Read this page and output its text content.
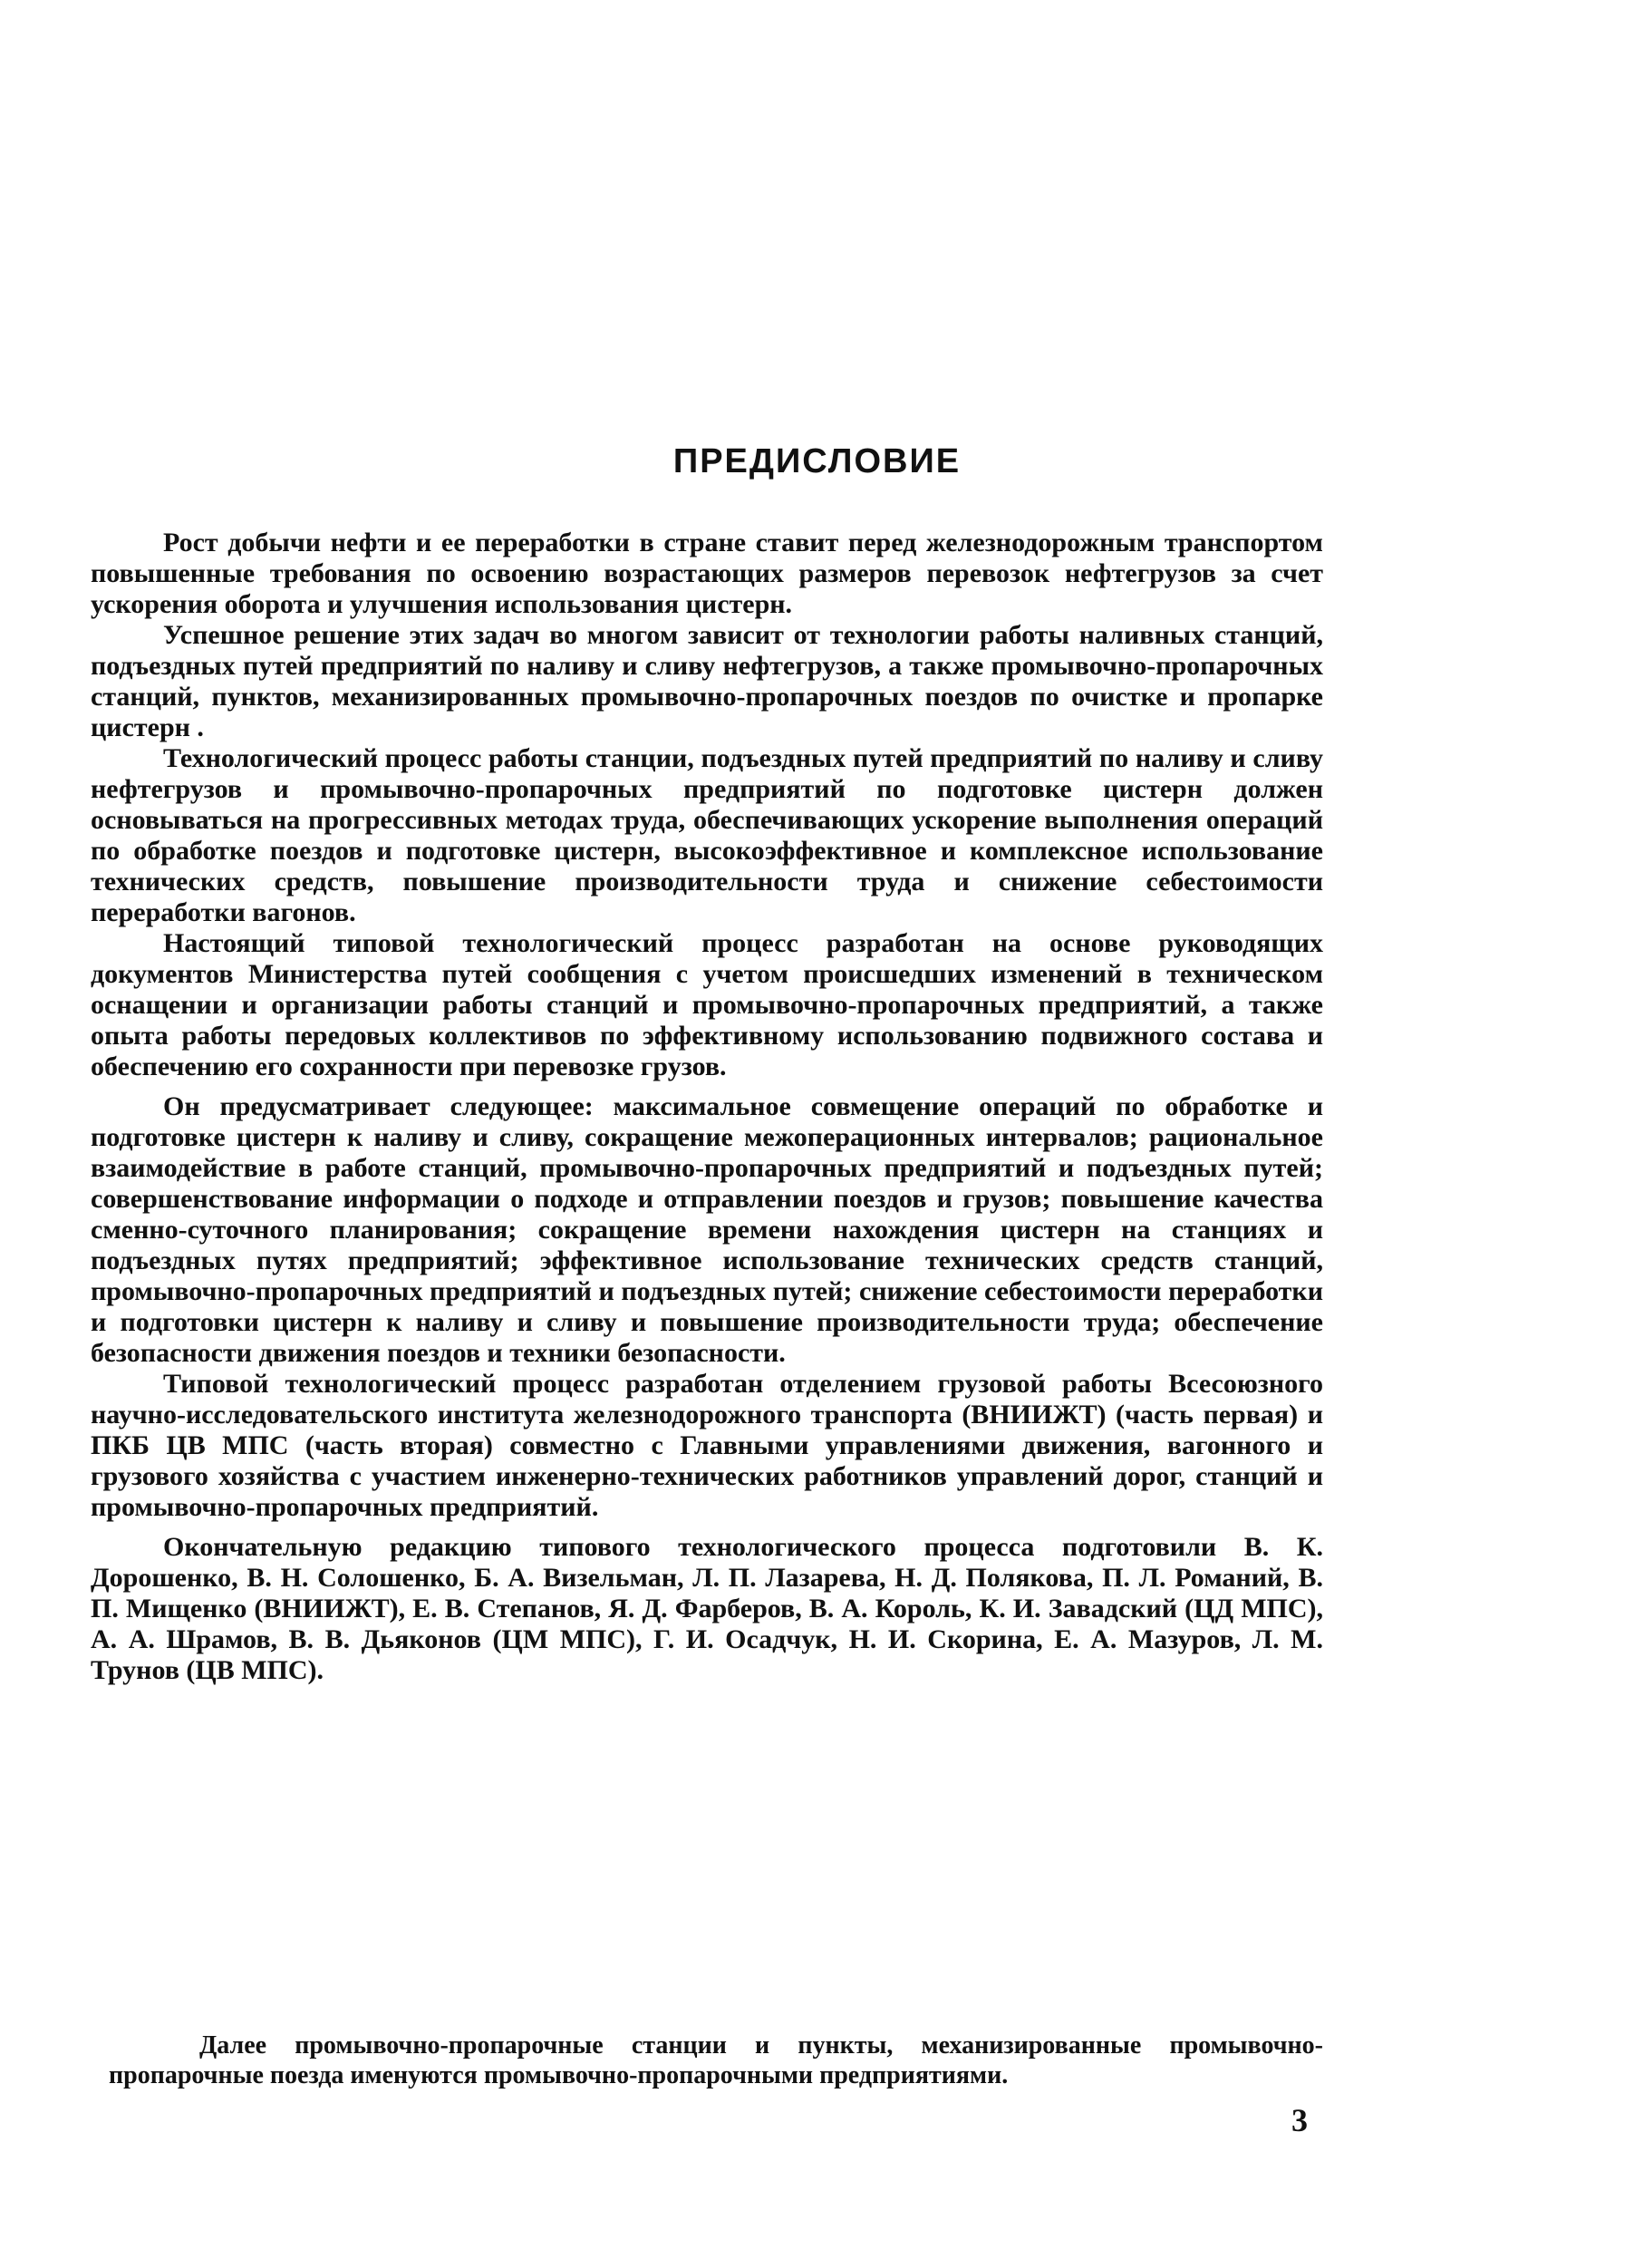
ПРЕДИСЛОВИЕ

Рост добычи нефти и ее переработки в стране ставит перед железнодорожным транспортом повышенные требования по освоению возрастающих размеров перевозок нефтегрузов за счет ускорения оборота и улучшения использования цистерн.

Успешное решение этих задач во многом зависит от технологии работы наливных станций, подъездных путей предприятий по наливу и сливу нефтегрузов, а также промывочно-пропарочных станций, пунктов, механизированных промывочно-пропарочных поездов по очистке и пропарке цистерн .

Технологический процесс работы станции, подъездных путей предприятий по наливу и сливу нефтегрузов и промывочно-пропарочных предприятий по подготовке цистерн должен основываться на прогрессивных методах труда, обеспечивающих ускорение выполнения операций по обработке поездов и подготовке цистерн, высокоэффективное и комплексное использование технических средств, повышение производительности труда и снижение себестоимости переработки вагонов.

Настоящий типовой технологический процесс разработан на основе руководящих документов Министерства путей сообщения с учетом происшедших изменений в техническом оснащении и организации работы станций и промывочно-пропарочных предприятий, а также опыта работы передовых коллективов по эффективному использованию подвижного состава и обеспечению его сохранности при перевозке грузов.

Он предусматривает следующее: максимальное совмещение операций по обработке и подготовке цистерн к наливу и сливу, сокращение межоперационных интервалов; рациональное взаимодействие в работе станций, промывочно-пропарочных предприятий и подъездных путей; совершенствование информации о подходе и отправлении поездов и грузов; повышение качества сменно-суточного планирования; сокращение времени нахождения цистерн на станциях и подъездных путях предприятий; эффективное использование технических средств станций, промывочно-пропарочных предприятий и подъездных путей; снижение себестоимости переработки и подготовки цистерн к наливу и сливу и повышение производительности труда; обеспечение безопасности движения поездов и техники безопасности.

Типовой технологический процесс разработан отделением грузовой работы Всесоюзного научно-исследовательского института железнодорожного транспорта (ВНИИЖТ) (часть первая) и ПКБ ЦВ МПС (часть вторая) совместно с Главными управлениями движения, вагонного и грузового хозяйства с участием инженерно-технических работников управлений дорог, станций и промывочно-пропарочных предприятий.

Окончательную редакцию типового технологического процесса подготовили В. К. Дорошенко, В. Н. Солошенко, Б. А. Визельман, Л. П. Лазарева, Н. Д. Полякова, П. Л. Романий, В. П. Мищенко (ВНИИЖТ), Е. В. Степанов, Я. Д. Фарберов, В. А. Король, К. И. Завадский (ЦД МПС), А. А. Шрамов, В. В. Дьяконов (ЦМ МПС), Г. И. Осадчук, Н. И. Скорина, Е. А. Мазуров, Л. М. Трунов (ЦВ МПС).

Далее промывочно-пропарочные станции и пункты, механизированные промывочно-пропарочные поезда именуются промывочно-пропарочными предприятиями.

3
